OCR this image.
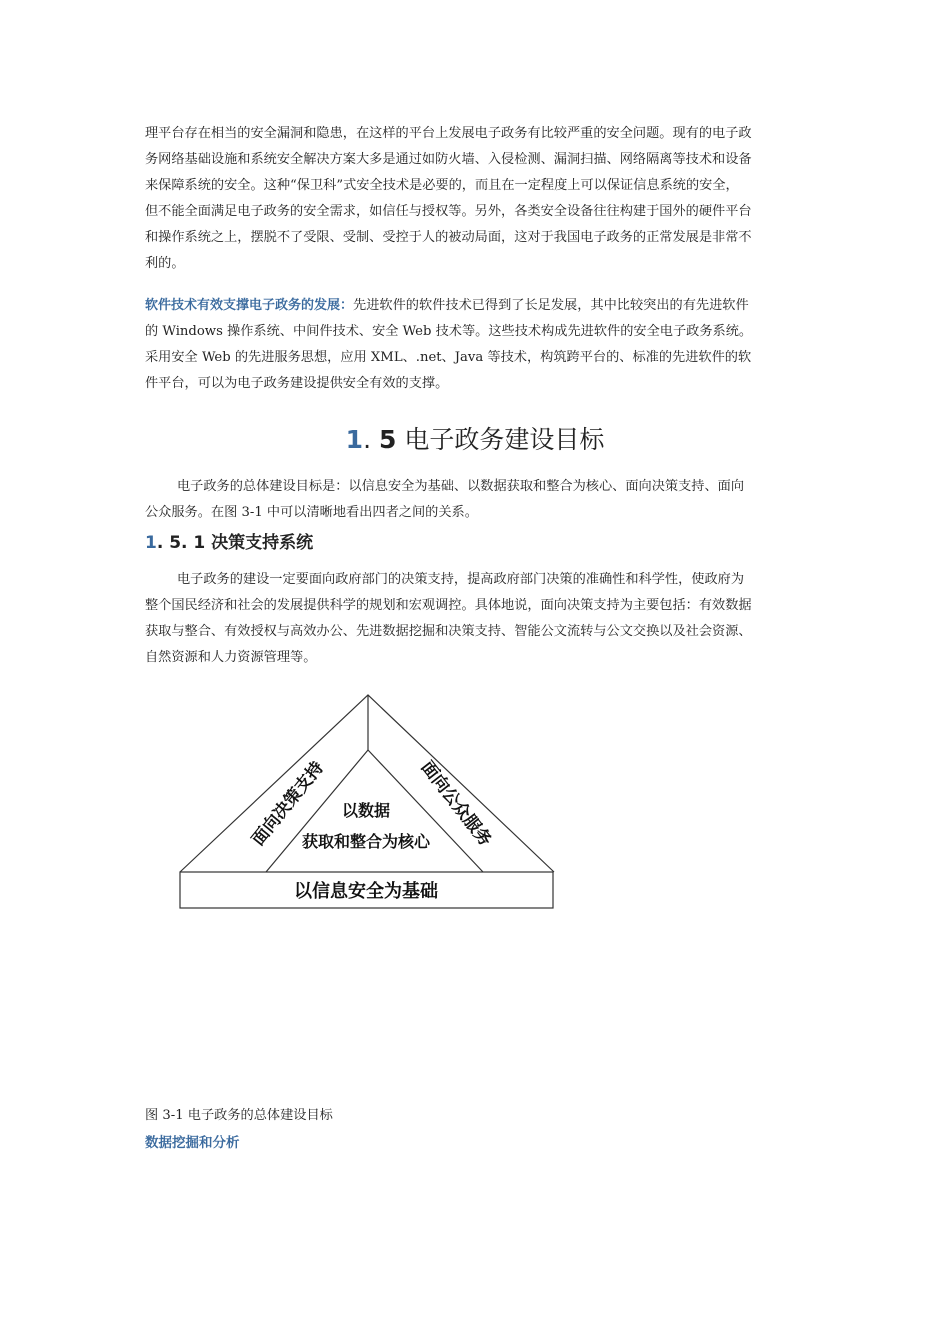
理平台存在相当的安全漏洞和隐患，在这样的平台上发展电子政务有比较严重的安全问题。现有的电子政
务网络基础设施和系统安全解决方案大多是通过如防火墙、入侵检测、漏洞扫描、网络隔离等技术和设备
来保障系统的安全。这种“保卫科”式安全技术是必要的，而且在一定程度上可以保证信息系统的安全，
但不能全面满足电子政务的安全需求，如信任与授权等。另外，各类安全设备往往构建于国外的硬件平台
和操作系统之上，摆脱不了受限、受制、受控于人的被动局面，这对于我国电子政务的正常发展是非常不
利的。
软件技术有效支撑电子政务的发展：先进软件的软件技术已得到了长足发展，其中比较突出的有先进软件
的 Windows 操作系统、中间件技术、安全 Web 技术等。这些技术构成先进软件的安全电子政务系统。
采用安全 Web 的先进服务思想，应用 XML、.net、Java 等技术，构筑跨平台的、标准的先进软件的软
件平台，可以为电子政务建设提供安全有效的支撑。
1. 5 电子政务建设目标
电子政务的总体建设目标是：以信息安全为基础、以数据获取和整合为核心、面向决策支持、面向
公众服务。在图 3-1 中可以清晰地看出四者之间的关系。
1. 5. 1 决策支持系统
电子政务的建设一定要面向政府部门的决策支持，提高政府部门决策的准确性和科学性，使政府为
整个国民经济和社会的发展提供科学的规划和宏观调控。具体地说，面向决策支持为主要包括：有效数据
获取与整合、有效授权与高效办公、先进数据挖掘和决策支持、智能公文流转与公文交换以及社会资源、
自然资源和人力资源管理等。
面向决策支持	面向公众服务
以数据
获取和整合为核心
以信息安全为基础
图 3-1 电子政务的总体建设目标
数据挖掘和分析
